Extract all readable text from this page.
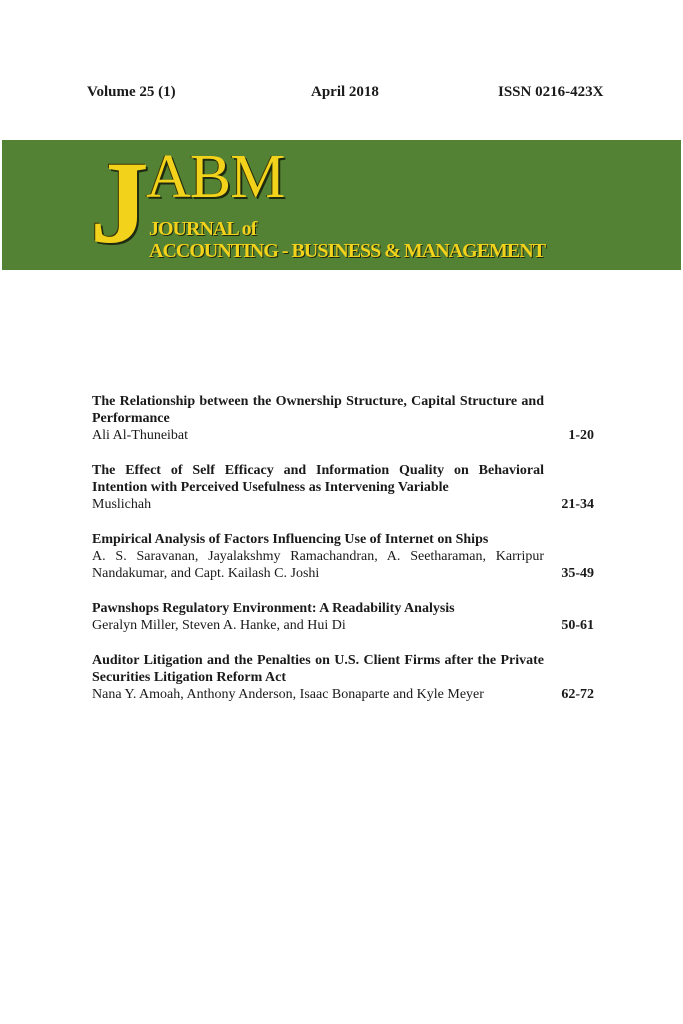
Volume 25 (1)	April 2018	ISSN 0216-423X
J
ABM
JOURNAL of
ACCOUNTING - BUSINESS & MANAGEMENT
The Relationship between the Ownership Structure, Capital Structure and Performance
Ali Al-Thuneibat	1-20
The Effect of Self Efficacy and Information Quality on Behavioral Intention with Perceived Usefulness as Intervening Variable
Muslichah	21-34
Empirical Analysis of Factors Influencing Use of Internet on Ships
A. S. Saravanan, Jayalakshmy Ramachandran, A. Seetharaman, Karripur Nandakumar, and Capt. Kailash C. Joshi	35-49
Pawnshops Regulatory Environment: A Readability Analysis
Geralyn Miller, Steven A. Hanke, and Hui Di	50-61
Auditor Litigation and the Penalties on U.S. Client Firms after the Private Securities Litigation Reform Act
Nana Y. Amoah, Anthony Anderson, Isaac Bonaparte and Kyle Meyer	62-72
